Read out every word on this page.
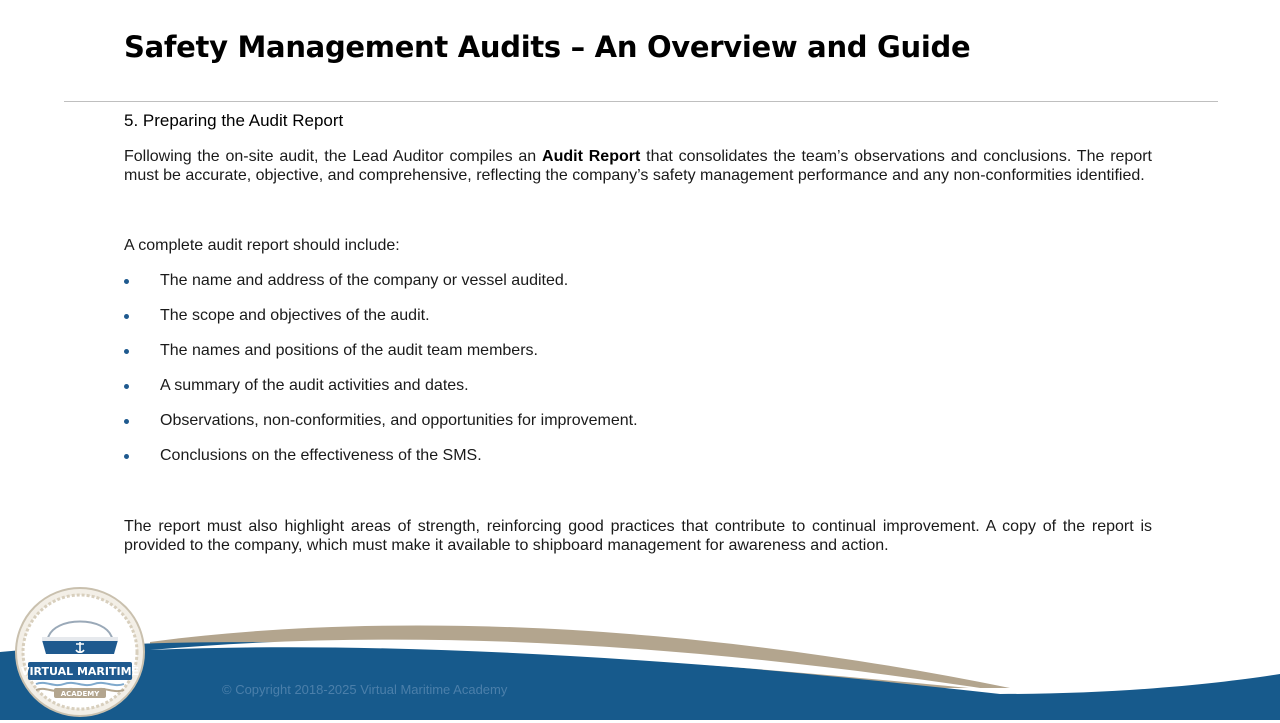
Safety Management Audits – An Overview and Guide
5. Preparing the Audit Report

Following the on-site audit, the Lead Auditor compiles an Audit Report that consolidates the team’s observations and conclusions. The report must be accurate, objective, and comprehensive, reflecting the company’s safety management performance and any non-conformities identified.

A complete audit report should include:

The name and address of the company or vessel audited.
The scope and objectives of the audit.
The names and positions of the audit team members.
A summary of the audit activities and dates.
Observations, non-conformities, and opportunities for improvement.
Conclusions on the effectiveness of the SMS.

The report must also highlight areas of strength, reinforcing good practices that contribute to continual improvement. A copy of the report is provided to the company, which must make it available to shipboard management for awareness and action.

© Copyright 2018-2025 Virtual Maritime Academy
VIRTUAL MARITIME
ACADEMY
